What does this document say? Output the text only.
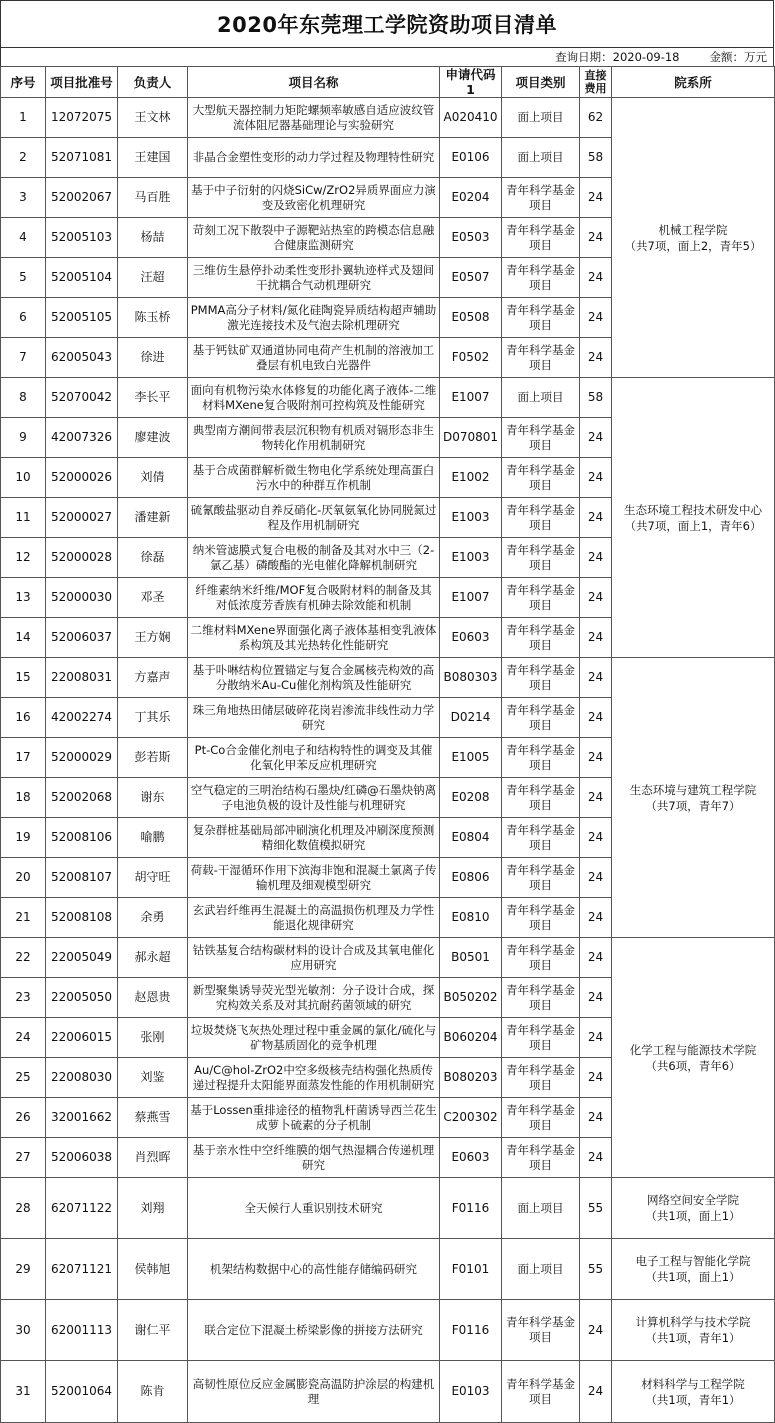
2020年东莞理工学院资助项目清单
查询日期：2020-09-18	金额：万元
序号	项目批准号	负责人	项目名称	申请代码1	项目类别	直接费用	院系所
1	12072075	王文林	大型航天器控制力矩陀螺频率敏感自适应波纹管流体阻尼器基础理论与实验研究	A020410	面上项目	62	机械工程学院
（共7项，面上2，青年5）

2	52071081	王建国	非晶合金塑性变形的动力学过程及物理特性研究	E0106	面上项目	58	
3	52002067	马百胜	基于中子衍射的闪烧SiCw/ZrO2异质界面应力演变及致密化机理研究	E0204	青年科学基金项目	24	
4	52005103	杨喆	苛刻工况下散裂中子源靶站热室的跨模态信息融合健康监测研究	E0503	青年科学基金项目	24	
5	52005104	汪超	三维仿生悬停扑动柔性变形扑翼轨迹样式及翅间干扰耦合气动机理研究	E0507	青年科学基金项目	24	
6	52005105	陈玉桥	PMMA高分子材料/氮化硅陶瓷异质结构超声辅助激光连接技术及气泡去除机理研究	E0508	青年科学基金项目	24	
7	62005043	徐进	基于钙钛矿双通道协同电荷产生机制的溶液加工叠层有机电致白光器件	F0502	青年科学基金项目	24	
8	52070042	李长平	面向有机物污染水体修复的功能化离子液体-二维材料MXene复合吸附剂可控构筑及性能研究	E1007	面上项目	58	生态环境工程技术研发中心
（共7项，面上1，青年6）

9	42007326	廖建波	典型南方潮间带表层沉积物有机质对镉形态非生物转化作用机制研究	D070801	青年科学基金项目	24	
10	52000026	刘倩	基于合成菌群解析微生物电化学系统处理高蛋白污水中的种群互作机制	E1002	青年科学基金项目	24	
11	52000027	潘建新	硫氰酸盐驱动自养反硝化-厌氧氨氧化协同脱氮过程及作用机制研究	E1003	青年科学基金项目	24	
12	52000028	徐磊	纳米管滤膜式复合电极的制备及其对水中三（2-氯乙基）磷酸酯的光电催化降解机制研究	E1003	青年科学基金项目	24	
13	52000030	邓圣	纤维素纳米纤维/MOF复合吸附材料的制备及其对低浓度芳香族有机砷去除效能和机制	E1007	青年科学基金项目	24	
14	52006037	王方娴	二维材料MXene界面强化离子液体基相变乳液体系构筑及其光热转化性能研究	E0603	青年科学基金项目	24	
15	22008031	方嘉声	基于卟啉结构位置锚定与复合金属核壳构效的高分散纳米Au-Cu催化剂构筑及性能研究	B080303	青年科学基金项目	24	生态环境与建筑工程学院
（共7项，青年7）

16	42002274	丁其乐	珠三角地热田储层破碎花岗岩渗流非线性动力学研究	D0214	青年科学基金项目	24	
17	52000029	彭若斯	Pt-Co合金催化剂电子和结构特性的调变及其催化氧化甲苯反应机理研究	E1005	青年科学基金项目	24	
18	52002068	谢东	空气稳定的三明治结构石墨炔/红磷@石墨炔钠离子电池负极的设计及性能与机理研究	E0208	青年科学基金项目	24	
19	52008106	喻鹏	复杂群桩基础局部冲刷演化机理及冲刷深度预测精细化数值模拟研究	E0804	青年科学基金项目	24	
20	52008107	胡守旺	荷载-干湿循环作用下滨海非饱和混凝土氯离子传输机理及细观模型研究	E0806	青年科学基金项目	24	
21	52008108	余勇	玄武岩纤维再生混凝土的高温损伤机理及力学性能退化规律研究	E0810	青年科学基金项目	24	
22	22005049	郝永超	钴铁基复合结构碳材料的设计合成及其氧电催化应用研究	B0501	青年科学基金项目	24	化学工程与能源技术学院
（共6项，青年6）

23	22005050	赵恩贵	新型聚集诱导荧光型光敏剂：分子设计合成，探究构效关系及对其抗耐药菌领域的研究	B050202	青年科学基金项目	24	
24	22006015	张刚	垃圾焚烧飞灰热处理过程中重金属的氯化/硫化与矿物基质固化的竞争机理	B060204	青年科学基金项目	24	
25	22008030	刘鉴	Au/C@hol-ZrO2中空多级核壳结构强化热质传递过程提升太阳能界面蒸发性能的作用机制研究	B080203	青年科学基金项目	24	
26	32001662	蔡燕雪	基于Lossen重排途径的植物乳杆菌诱导西兰花生成萝卜硫素的分子机制	C200302	青年科学基金项目	24	
27	52006038	肖烈晖	基于亲水性中空纤维膜的烟气热湿耦合传递机理研究	E0603	青年科学基金项目	24	
28	62071122	刘翔	全天候行人重识别技术研究	F0116	面上项目	55	网络空间安全学院
（共1项，面上1）

29	62071121	侯韩旭	机架结构数据中心的高性能存储编码研究	F0101	面上项目	55	电子工程与智能化学院
（共1项，面上1）

30	62001113	谢仁平	联合定位下混凝土桥梁影像的拼接方法研究	F0116	青年科学基金项目	24	计算机科学与技术学院
（共1项，青年1）

31	52001064	陈肯	高韧性原位反应金属膨瓷高温防护涂层的构建机理	E0103	青年科学基金项目	24	材料科学与工程学院
（共1项，青年1）
